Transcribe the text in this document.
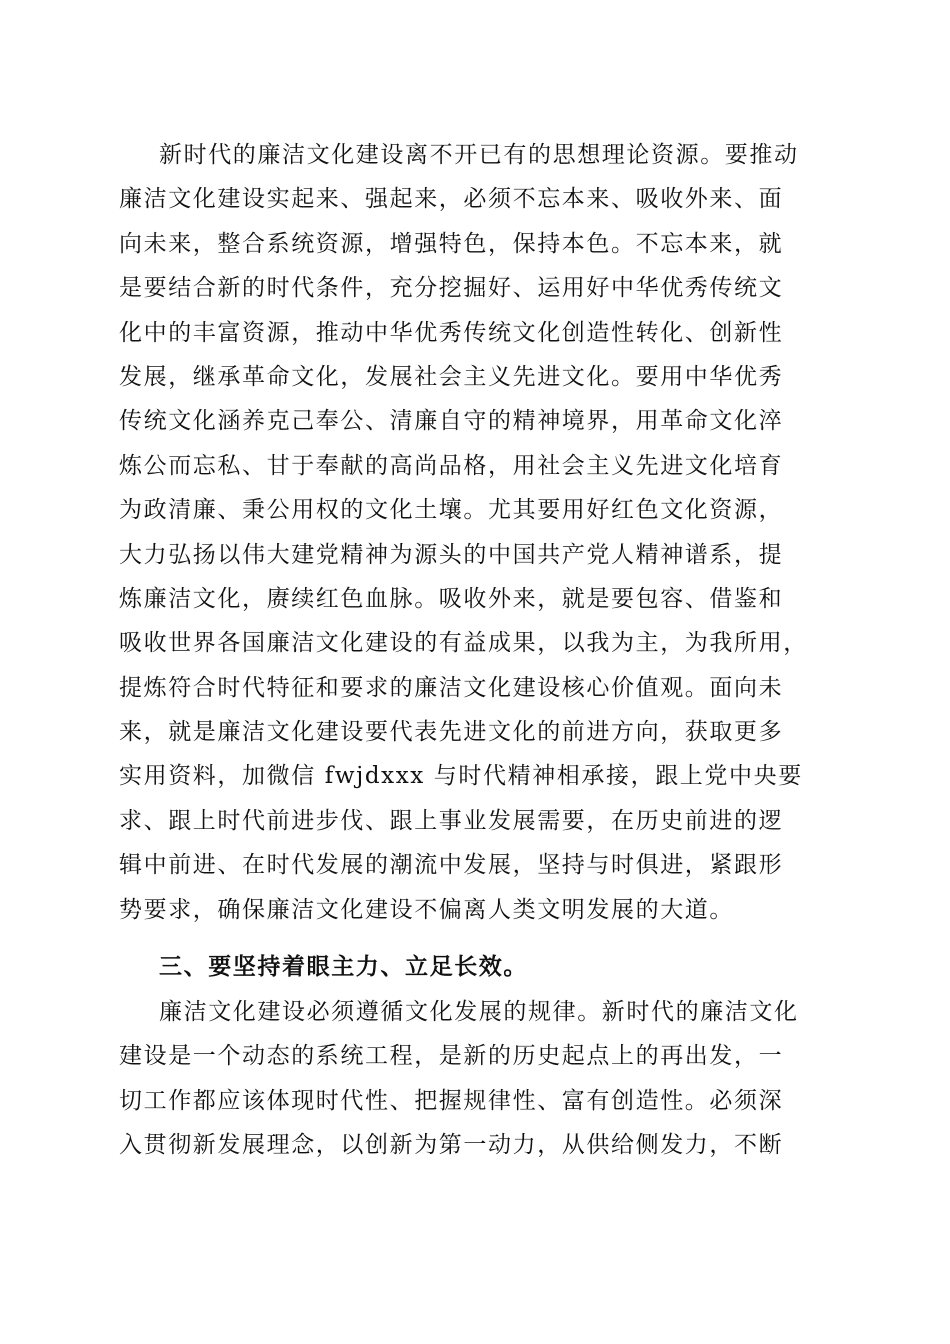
新时代的廉洁文化建设离不开已有的思想理论资源。要推动
廉洁文化建设实起来、强起来，必须不忘本来、吸收外来、面
向未来，整合系统资源，增强特色，保持本色。不忘本来，就
是要结合新的时代条件，充分挖掘好、运用好中华优秀传统文
化中的丰富资源，推动中华优秀传统文化创造性转化、创新性
发展，继承革命文化，发展社会主义先进文化。要用中华优秀
传统文化涵养克己奉公、清廉自守的精神境界，用革命文化淬
炼公而忘私、甘于奉献的高尚品格，用社会主义先进文化培育
为政清廉、秉公用权的文化土壤。尤其要用好红色文化资源，
大力弘扬以伟大建党精神为源头的中国共产党人精神谱系，提
炼廉洁文化，赓续红色血脉。吸收外来，就是要包容、借鉴和
吸收世界各国廉洁文化建设的有益成果，以我为主，为我所用，
提炼符合时代特征和要求的廉洁文化建设核心价值观。面向未
来，就是廉洁文化建设要代表先进文化的前进方向，获取更多
实用资料，加微信 fwjdxxx 与时代精神相承接，跟上党中央要
求、跟上时代前进步伐、跟上事业发展需要，在历史前进的逻
辑中前进、在时代发展的潮流中发展，坚持与时俱进，紧跟形
势要求，确保廉洁文化建设不偏离人类文明发展的大道。
三、要坚持着眼主力、立足长效。
廉洁文化建设必须遵循文化发展的规律。新时代的廉洁文化
建设是一个动态的系统工程，是新的历史起点上的再出发，一
切工作都应该体现时代性、把握规律性、富有创造性。必须深
入贯彻新发展理念，以创新为第一动力，从供给侧发力，不断
